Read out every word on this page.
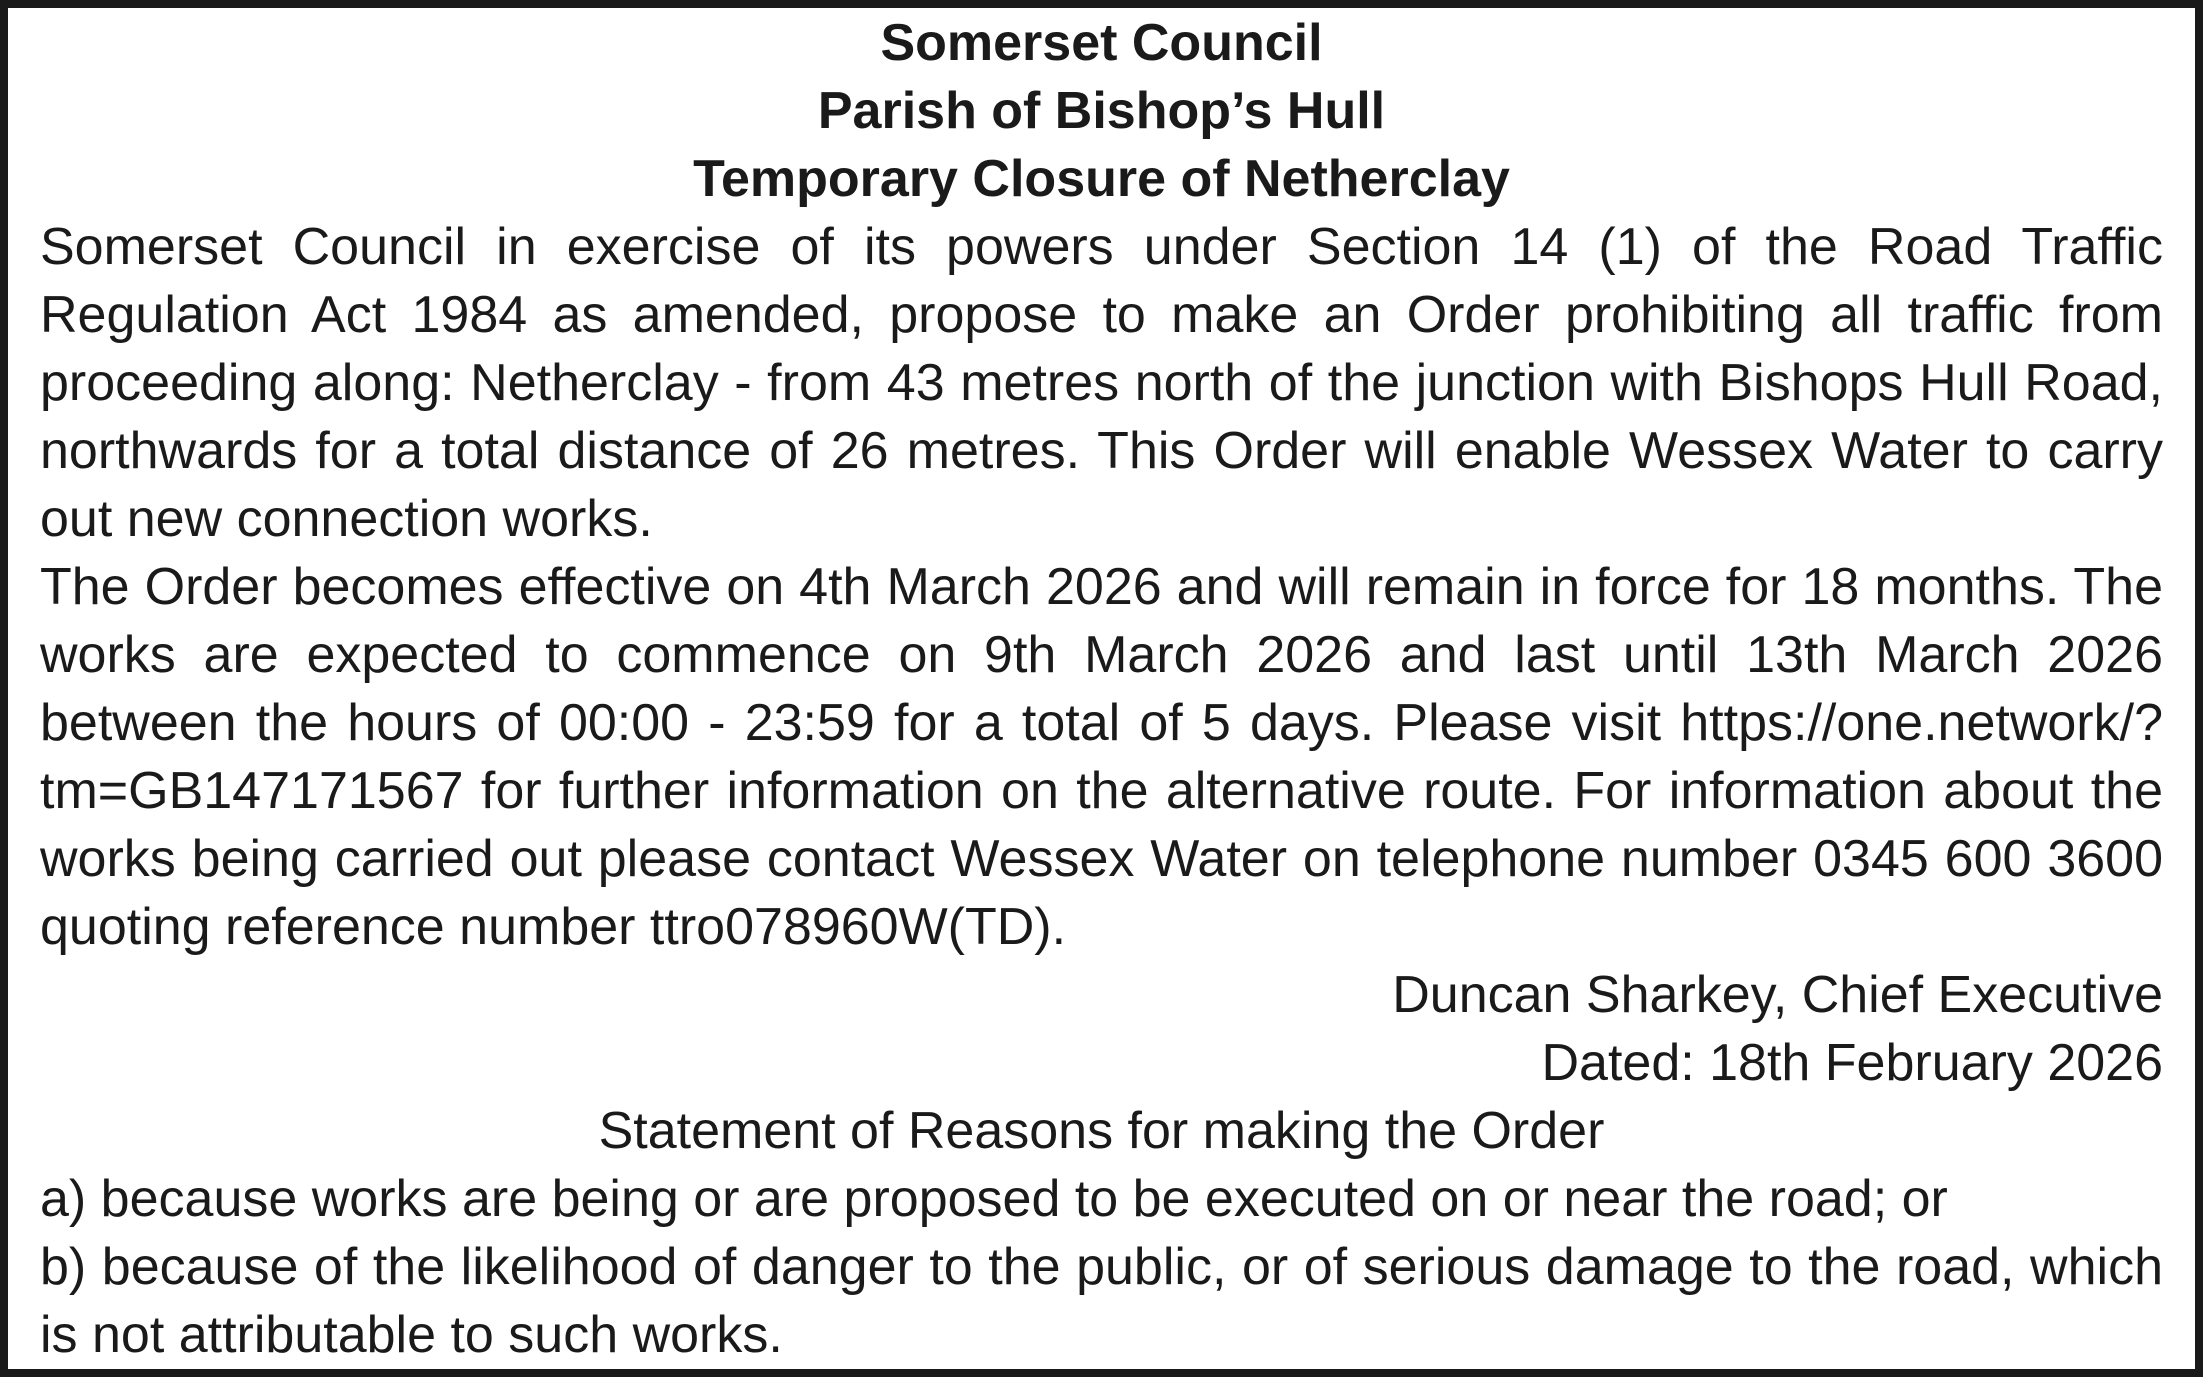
Somerset Council

Parish of Bishop’s Hull

Temporary Closure of Netherclay

Somerset Council in exercise of its powers under Section 14 (1) of the Road Traffic Regulation Act 1984 as amended, propose to make an Order prohibiting all traffic from proceeding along: Netherclay - from 43 metres north of the junction with Bishops Hull Road, northwards for a total distance of 26 metres. This Order will enable Wessex Water to carry out new connection works.

The Order becomes effective on 4th March 2026 and will remain in force for 18 months. The works are expected to commence on 9th March 2026 and last until 13th March 2026 between the hours of 00:00 - 23:59 for a total of 5 days. Please visit https://one.network/?tm=GB147171567 for further information on the alternative route. For information about the works being carried out please contact Wessex Water on telephone number 0345 600 3600 quoting reference number ttro078960W(TD).

Duncan Sharkey, Chief Executive

Dated: 18th February 2026

Statement of Reasons for making the Order

a) because works are being or are proposed to be executed on or near the road; or

b) because of the likelihood of danger to the public, or of serious damage to the road, which is not attributable to such works.
